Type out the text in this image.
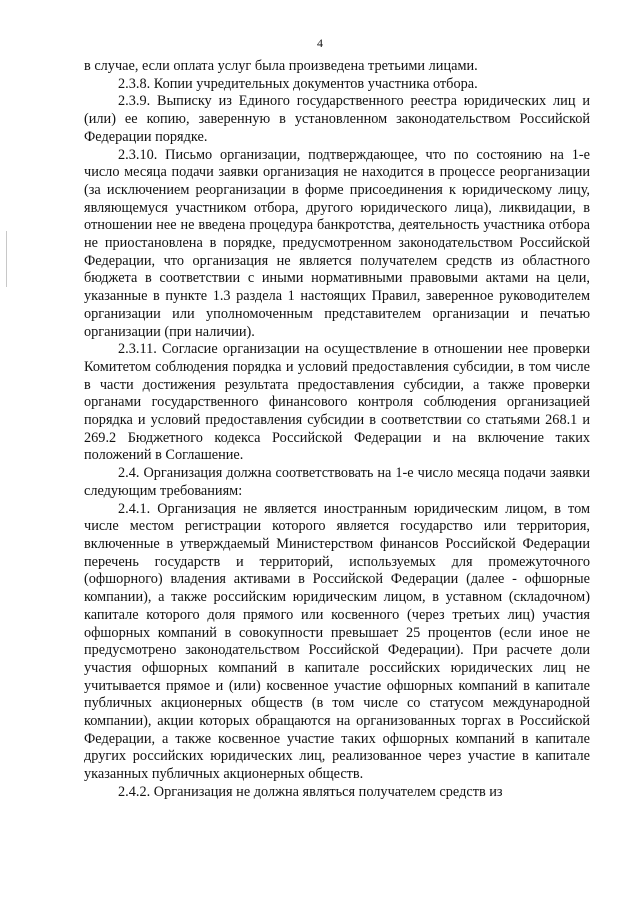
4

в случае, если оплата услуг была произведена третьими лицами.

2.3.8. Копии учредительных документов участника отбора.

2.3.9. Выписку из Единого государственного реестра юридических лиц и (или) ее копию, заверенную в установленном законодательством Российской Федерации порядке.

2.3.10. Письмо организации, подтверждающее, что по состоянию на 1-е число месяца подачи заявки организация не находится в процессе реорганизации (за исключением реорганизации в форме присоединения к юридическому лицу, являющемуся участником отбора, другого юридического лица), ликвидации, в отношении нее не введена процедура банкротства, деятельность участника отбора не приостановлена в порядке, предусмотренном законодательством Российской Федерации, что организация не является получателем средств из областного бюджета в соответствии с иными нормативными правовыми актами на цели, указанные в пункте 1.3 раздела 1 настоящих Правил, заверенное руководителем организации или уполномоченным представителем организации и печатью организации (при наличии).

2.3.11. Согласие организации на осуществление в отношении нее проверки Комитетом соблюдения порядка и условий предоставления субсидии, в том числе в части достижения результата предоставления субсидии, а также проверки органами государственного финансового контроля соблюдения организацией порядка и условий предоставления субсидии в соответствии со статьями 268.1 и 269.2 Бюджетного кодекса Российской Федерации и на включение таких положений в Соглашение.

2.4. Организация должна соответствовать на 1-е число месяца подачи заявки следующим требованиям:

2.4.1. Организация не является иностранным юридическим лицом, в том числе местом регистрации которого является государство или территория, включенные в утверждаемый Министерством финансов Российской Федерации перечень государств и территорий, используемых для промежуточного (офшорного) владения активами в Российской Федерации (далее - офшорные компании), а также российским юридическим лицом, в уставном (складочном) капитале которого доля прямого или косвенного (через третьих лиц) участия офшорных компаний в совокупности превышает 25 процентов (если иное не предусмотрено законодательством Российской Федерации). При расчете доли участия офшорных компаний в капитале российских юридических лиц не учитывается прямое и (или) косвенное участие офшорных компаний в капитале публичных акционерных обществ (в том числе со статусом международной компании), акции которых обращаются на организованных торгах в Российской Федерации, а также косвенное участие таких офшорных компаний в капитале других российских юридических лиц, реализованное через участие в капитале указанных публичных акционерных обществ.

2.4.2. Организация не должна являться получателем средств из
